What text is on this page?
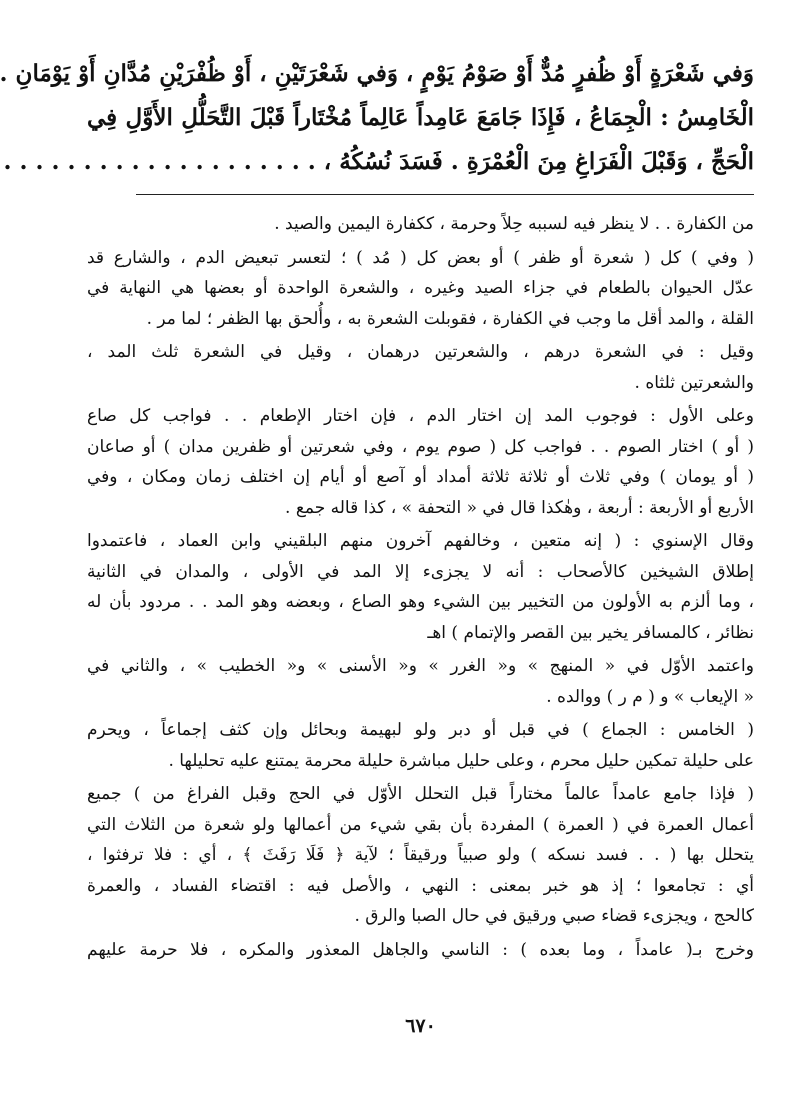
وَفي شَعْرَةٍ أَوْ ظُفرٍ مُدٌّ أَوْ صَوْمُ يَوْمٍ ، وَفي شَعْرَتَيْنِ ، أَوْ ظُفْرَيْنِ مُدَّانِ أَوْ يَوْمَانِ .

الْخَامِسُ : الْجِمَاعُ ، فَإِذَا جَامَعَ عَامِداً عَالِماً مُخْتَاراً قَبْلَ التَّحَلُّلِ الأَوَّلِ فِي

الْحَجِّ ، وَقَبْلَ الْفَرَاغِ مِنَ الْعُمْرَةِ . فَسَدَ نُسُكُهُ ، . . . . . . . . . . . . . . . . . . . .

من الكفارة . . لا ينظر فيه لسببه حِلاً وحرمة ، ككفارة اليمين والصيد .

( وفي ) كل ( شعرة أو ظفر ) أو بعض كل ( مُد ) ؛ لتعسر تبعيض الدم ، والشارع قد

عدّل الحيوان بالطعام في جزاء الصيد وغيره ، والشعرة الواحدة أو بعضها هي النهاية في

القلة ، والمد أقل ما وجب في الكفارة ، فقوبلت الشعرة به ، وأُلحق بها الظفر ؛ لما مر .

وقيل : في الشعرة درهم ، والشعرتين درهمان ، وقيل في الشعرة ثلث المد ،

والشعرتين ثلثاه .

وعلى الأول : فوجوب المد إن اختار الدم ، فإن اختار الإطعام . . فواجب كل صاع

( أو ) اختار الصوم . . فواجب كل ( صوم يوم ، وفي شعرتين أو ظفرين مدان ) أو صاعان

( أو يومان ) وفي ثلاث أو ثلاثة ثلاثة أمداد أو آصع أو أيام إن اختلف زمان ومكان ، وفي

الأربع أو الأربعة : أربعة ، وهٰكذا قال في « التحفة » ، كذا قاله جمع .

وقال الإسنوي : ( إنه متعين ، وخالفهم آخرون منهم البلقيني وابن العماد ، فاعتمدوا

إطلاق الشيخين كالأصحاب : أنه لا يجزىء إلا المد في الأولى ، والمدان في الثانية

، وما ألزم به الأولون من التخيير بين الشيء وهو الصاع ، وبعضه وهو المد . . مردود بأن له

نظائر ، كالمسافر يخير بين القصر والإتمام ) اهـ

واعتمد الأوّل في « المنهج » و« الغرر » و« الأسنى » و« الخطيب » ، والثاني في

« الإيعاب » و ( م ر ) ووالده .

( الخامس : الجماع ) في قبل أو دبر ولو لبهيمة وبحائل وإن كثف إجماعاً ، ويحرم

على حليلة تمكين حليل محرم ، وعلى حليل مباشرة حليلة محرمة يمتنع عليه تحليلها .

( فإذا جامع عامداً عالماً مختاراً قبل التحلل الأوّل في الحج وقبل الفراغ من ) جميع

أعمال العمرة في ( العمرة ) المفردة بأن بقي شيء من أعمالها ولو شعرة من الثلاث التي

يتحلل بها ( . . فسد نسكه ) ولو صبياً ورقيقاً ؛ لآية ﴿ فَلَا رَفَثَ ﴾ ، أي : فلا ترفثوا ،

أي : تجامعوا ؛ إذ هو خبر بمعنى : النهي ، والأصل فيه : اقتضاء الفساد ، والعمرة

كالحج ، ويجزىء قضاء صبي ورقيق في حال الصبا والرق .

وخرج بـ( عامداً ، وما بعده ) : الناسي والجاهل المعذور والمكره ، فلا حرمة عليهم

٦٧٠
